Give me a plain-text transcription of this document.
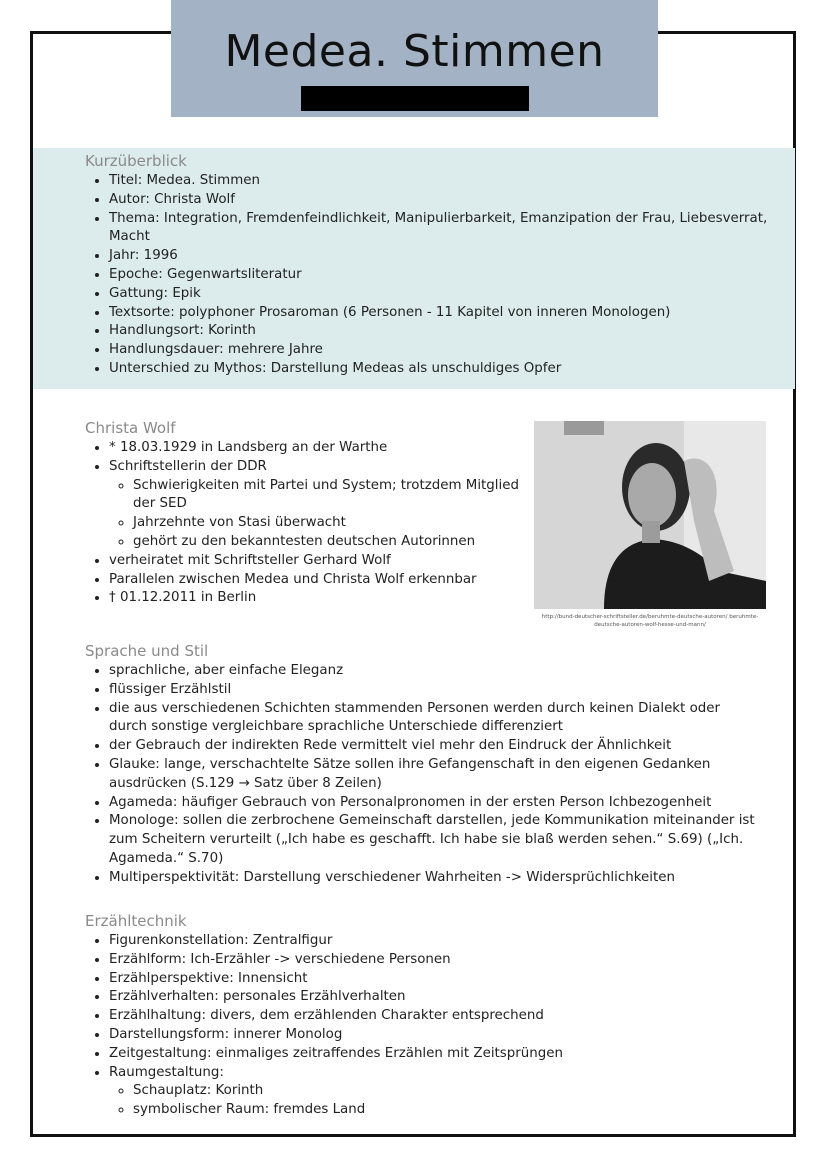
Medea. Stimmen
Kurzüberblick
• Titel: Medea. Stimmen
• Autor: Christa Wolf
• Thema: Integration, Fremdenfeindlichkeit, Manipulierbarkeit, Emanzipation der Frau, Liebesverrat, Macht
• Jahr: 1996
• Epoche: Gegenwartsliteratur
• Gattung: Epik
• Textsorte: polyphoner Prosaroman (6 Personen - 11 Kapitel von inneren Monologen)
• Handlungsort: Korinth
• Handlungsdauer: mehrere Jahre
• Unterschied zu Mythos: Darstellung Medeas als unschuldiges Opfer
Christa Wolf
• * 18.03.1929 in Landsberg an der Warthe
• Schriftstellerin der DDR
◦ Schwierigkeiten mit Partei und System; trotzdem Mitglied der SED
◦ Jahrzehnte von Stasi überwacht
◦ gehört zu den bekanntesten deutschen Autorinnen
• verheiratet mit Schriftsteller Gerhard Wolf
• Parallelen zwischen Medea und Christa Wolf erkennbar
• † 01.12.2011 in Berlin
http://bund-deutscher-schriftsteller.de/beruhmte-deutsche-autoren/ beruhmte-deutsche-autoren-wolf-hesse-und-mann/
Sprache und Stil
• sprachliche, aber einfache Eleganz
• flüssiger Erzählstil
• die aus verschiedenen Schichten stammenden Personen werden durch keinen Dialekt oder durch sonstige vergleichbare sprachliche Unterschiede differenziert
• der Gebrauch der indirekten Rede vermittelt viel mehr den Eindruck der Ähnlichkeit
• Glauke: lange, verschachtelte Sätze sollen ihre Gefangenschaft in den eigenen Gedanken ausdrücken (S.129 → Satz über 8 Zeilen)
• Agameda: häufiger Gebrauch von Personalpronomen in der ersten Person Ichbezogenheit
• Monologe: sollen die zerbrochene Gemeinschaft darstellen, jede Kommunikation miteinander ist zum Scheitern verurteilt („Ich habe es geschafft. Ich habe sie blaß werden sehen.“ S.69) („Ich. Agameda.“ S.70)
• Multiperspektivität: Darstellung verschiedener Wahrheiten -> Widersprüchlichkeiten
Erzähltechnik
• Figurenkonstellation: Zentralfigur
• Erzählform: Ich-Erzähler -> verschiedene Personen
• Erzählperspektive: Innensicht
• Erzählverhalten: personales Erzählverhalten
• Erzählhaltung: divers, dem erzählenden Charakter entsprechend
• Darstellungsform: innerer Monolog
• Zeitgestaltung: einmaliges zeitraffendes Erzählen mit Zeitsprüngen
• Raumgestaltung:
◦ Schauplatz: Korinth
◦ symbolischer Raum: fremdes Land
